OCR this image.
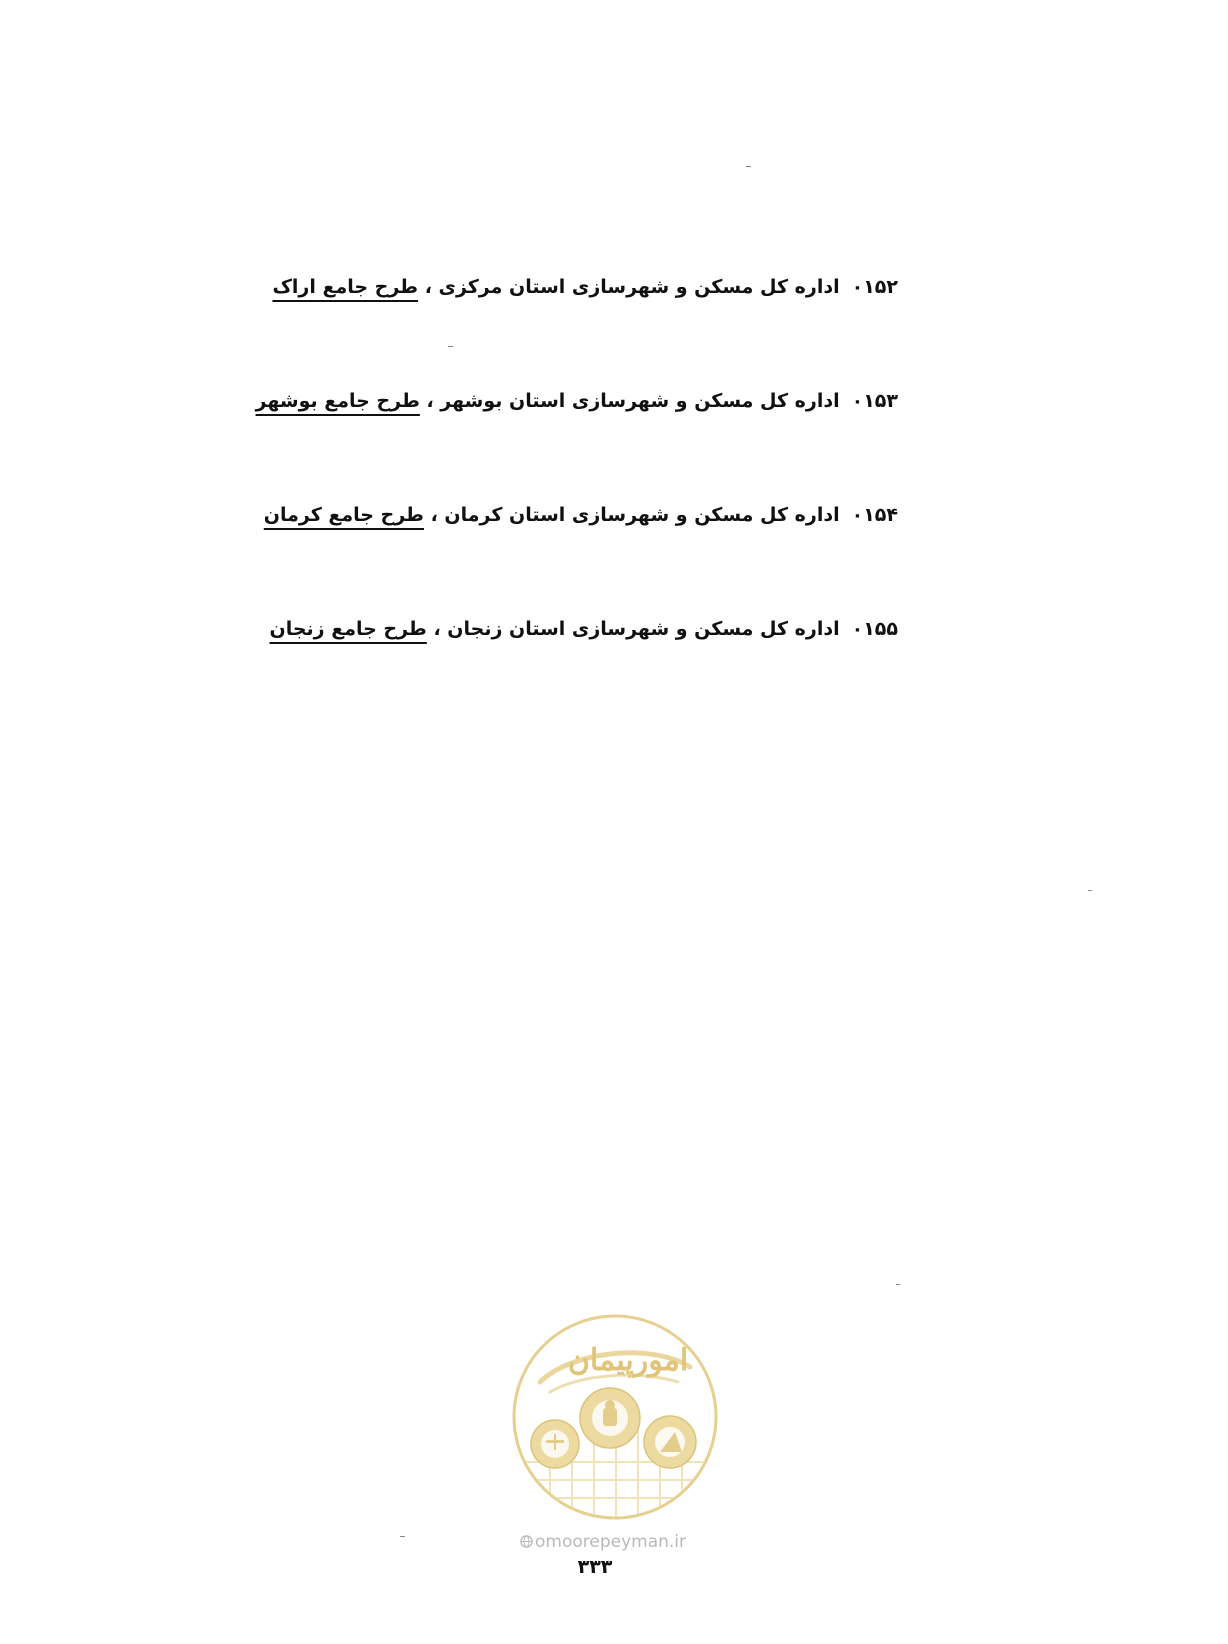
۰۱۵۲
اداره کل مسکن و شهرسازی استان مرکزی ، طرح جامع اراک
۰۱۵۳
اداره کل مسکن و شهرسازی استان بوشهر ، طرح جامع بوشهر
۰۱۵۴
اداره کل مسکن و شهرسازی استان کرمان ، طرح جامع کرمان
۰۱۵۵
اداره کل مسکن و شهرسازی استان زنجان ، طرح جامع زنجان
امورپیمان
omoorepeyman.ir
۳۳۳
